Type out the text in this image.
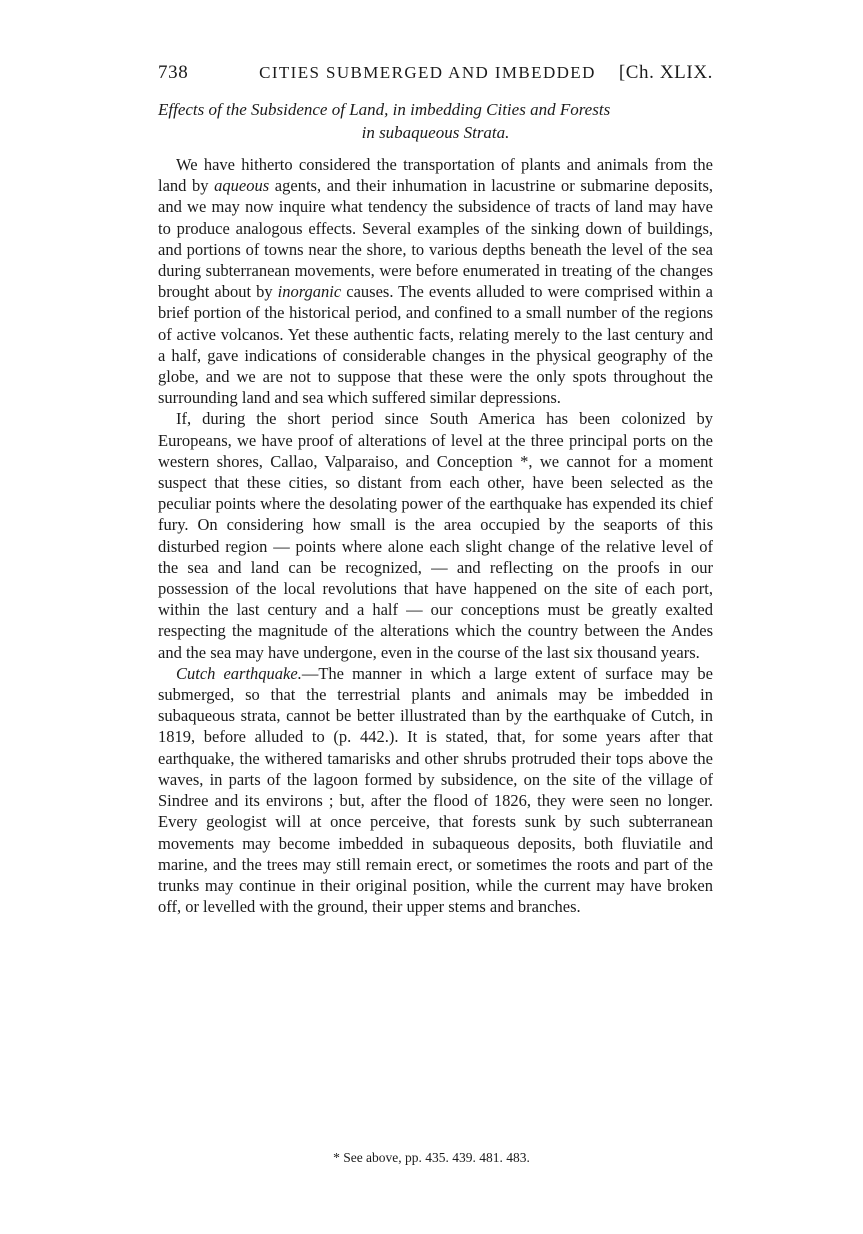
738	CITIES SUBMERGED AND IMBEDDED	[Ch. XLIX.
Effects of the Subsidence of Land, in imbedding Cities and Forests
in subaqueous Strata.

We have hitherto considered the transportation of plants and animals from the land by aqueous agents, and their inhumation in lacustrine or submarine deposits, and we may now inquire what tendency the subsidence of tracts of land may have to produce analogous effects. Several examples of the sinking down of buildings, and portions of towns near the shore, to various depths beneath the level of the sea during subterranean movements, were before enumerated in treating of the changes brought about by inorganic causes. The events alluded to were comprised within a brief portion of the historical period, and confined to a small number of the regions of active volcanos. Yet these authentic facts, relating merely to the last century and a half, gave indications of considerable changes in the physical geography of the globe, and we are not to suppose that these were the only spots throughout the surrounding land and sea which suffered similar depressions.

If, during the short period since South America has been colonized by Europeans, we have proof of alterations of level at the three principal ports on the western shores, Callao, Valparaiso, and Conception *, we cannot for a moment suspect that these cities, so distant from each other, have been selected as the peculiar points where the desolating power of the earthquake has expended its chief fury. On considering how small is the area occupied by the seaports of this disturbed region — points where alone each slight change of the relative level of the sea and land can be recognized, — and reflecting on the proofs in our possession of the local revolutions that have happened on the site of each port, within the last century and a half — our conceptions must be greatly exalted respecting the magnitude of the alterations which the country between the Andes and the sea may have undergone, even in the course of the last six thousand years.

Cutch earthquake.—The manner in which a large extent of surface may be submerged, so that the terrestrial plants and animals may be imbedded in subaqueous strata, cannot be better illustrated than by the earthquake of Cutch, in 1819, before alluded to (p. 442.). It is stated, that, for some years after that earthquake, the withered tamarisks and other shrubs protruded their tops above the waves, in parts of the lagoon formed by subsidence, on the site of the village of Sindree and its environs ; but, after the flood of 1826, they were seen no longer. Every geologist will at once perceive, that forests sunk by such subterranean movements may become imbedded in subaqueous deposits, both fluviatile and marine, and the trees may still remain erect, or sometimes the roots and part of the trunks may continue in their original position, while the current may have broken off, or levelled with the ground, their upper stems and branches.

* See above, pp. 435. 439. 481. 483.
